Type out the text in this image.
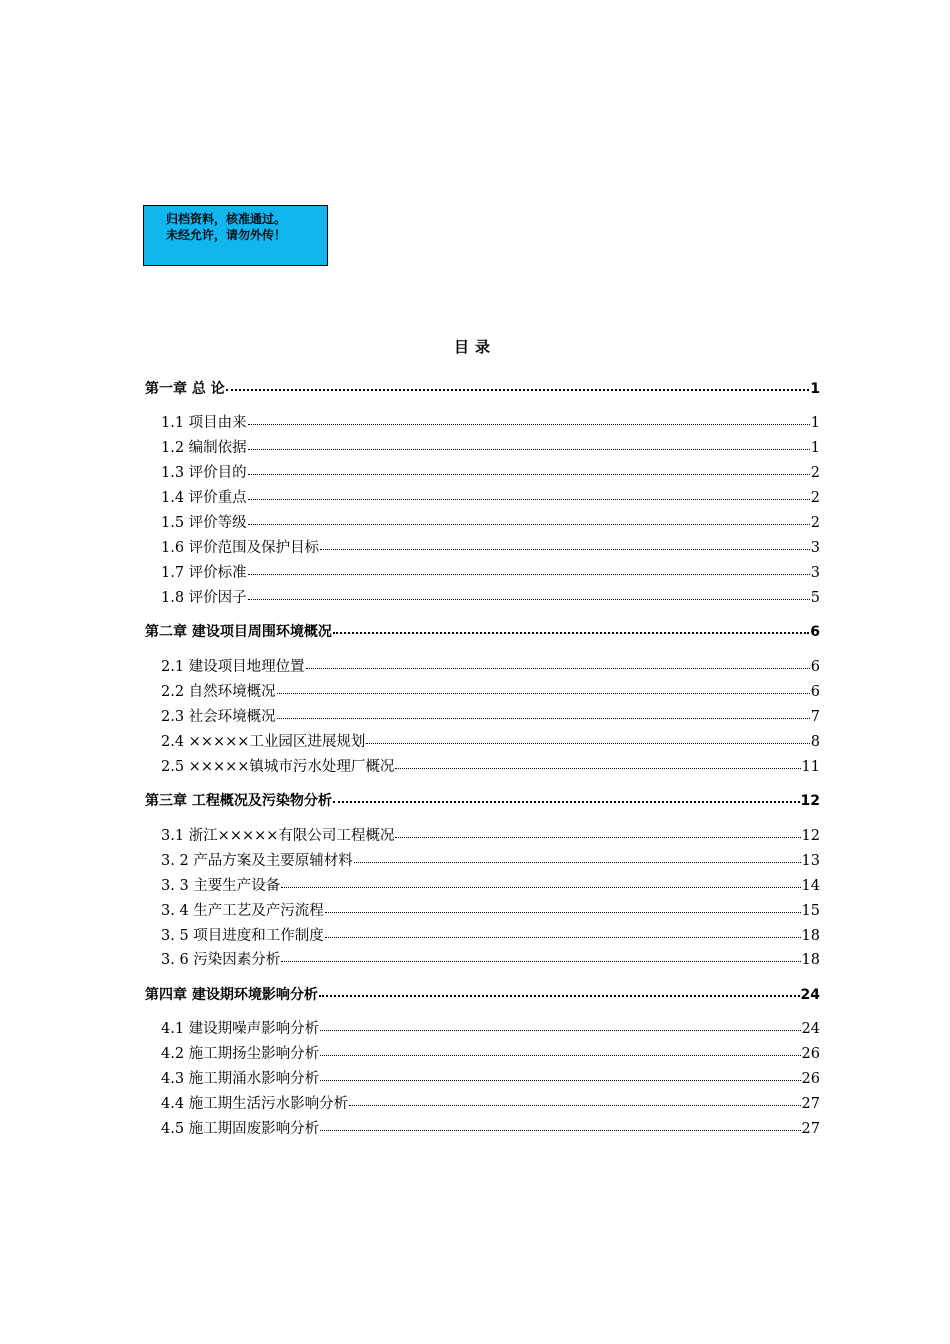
归档资料，核准通过。
未经允许，请勿外传！
目录
第一章 总 论	1
1.1 项目由来	1
1.2 编制依据	1
1.3 评价目的	2
1.4 评价重点	2
1.5 评价等级	2
1.6 评价范围及保护目标	3
1.7 评价标准	3
1.8 评价因子	5
第二章 建设项目周围环境概况	6
2.1 建设项目地理位置	6
2.2 自然环境概况	6
2.3 社会环境概况	7
2.4 ×××××工业园区进展规划	8
2.5 ×××××镇城市污水处理厂概况	11
第三章 工程概况及污染物分析	12
3.1 浙江×××××有限公司工程概况	12
3. 2 产品方案及主要原辅材料	13
3. 3 主要生产设备	14
3. 4 生产工艺及产污流程	15
3. 5 项目进度和工作制度	18
3. 6 污染因素分析	18
第四章 建设期环境影响分析	24
4.1 建设期噪声影响分析	24
4.2 施工期扬尘影响分析	26
4.3 施工期涌水影响分析	26
4.4 施工期生活污水影响分析	27
4.5 施工期固废影响分析	27
